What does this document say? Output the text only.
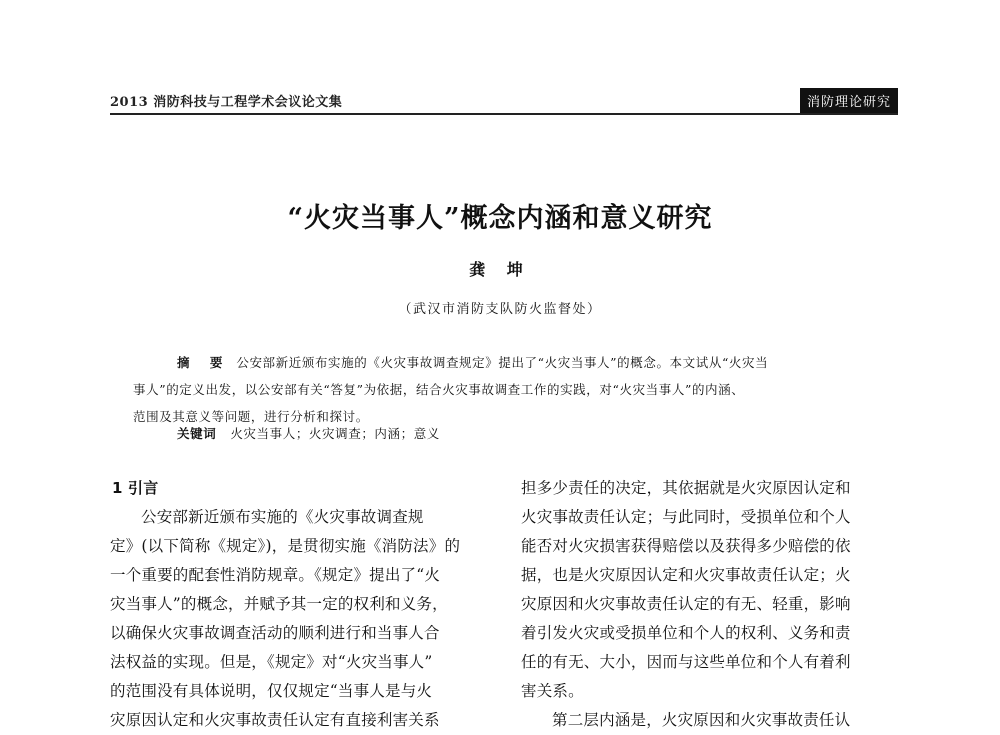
2013 消防科技与工程学术会议论文集	消防理论研究
“火灾当事人”概念内涵和意义研究
龚 坤
（武汉市消防支队防火监督处）

摘 要 公安部新近颁布实施的《火灾事故调查规定》提出了“火灾当事人”的概念。本文试从“火灾当

事人”的定义出发，以公安部有关“答复”为依据，结合火灾事故调查工作的实践，对“火灾当事人”的内涵、
范围及其意义等问题，进行分析和探讨。
关键词 火灾当事人；火灾调查；内涵；意义
1 引言
公安部新近颁布实施的《火灾事故调查规
定》(以下简称《规定》)，是贯彻实施《消防法》的
一个重要的配套性消防规章。《规定》提出了“火
灾当事人”的概念，并赋予其一定的权利和义务，
以确保火灾事故调查活动的顺利进行和当事人合
法权益的实现。但是，《规定》对“火灾当事人”
的范围没有具体说明，仅仅规定“当事人是与火
灾原因认定和火灾事故责任认定有直接利害关系
担多少责任的决定，其依据就是火灾原因认定和
火灾事故责任认定；与此同时，受损单位和个人
能否对火灾损害获得赔偿以及获得多少赔偿的依
据，也是火灾原因认定和火灾事故责任认定；火
灾原因和火灾事故责任认定的有无、轻重，影响
着引发火灾或受损单位和个人的权利、义务和责
任的有无、大小，因而与这些单位和个人有着利
害关系。
第二层内涵是，火灾原因和火灾事故责任认
